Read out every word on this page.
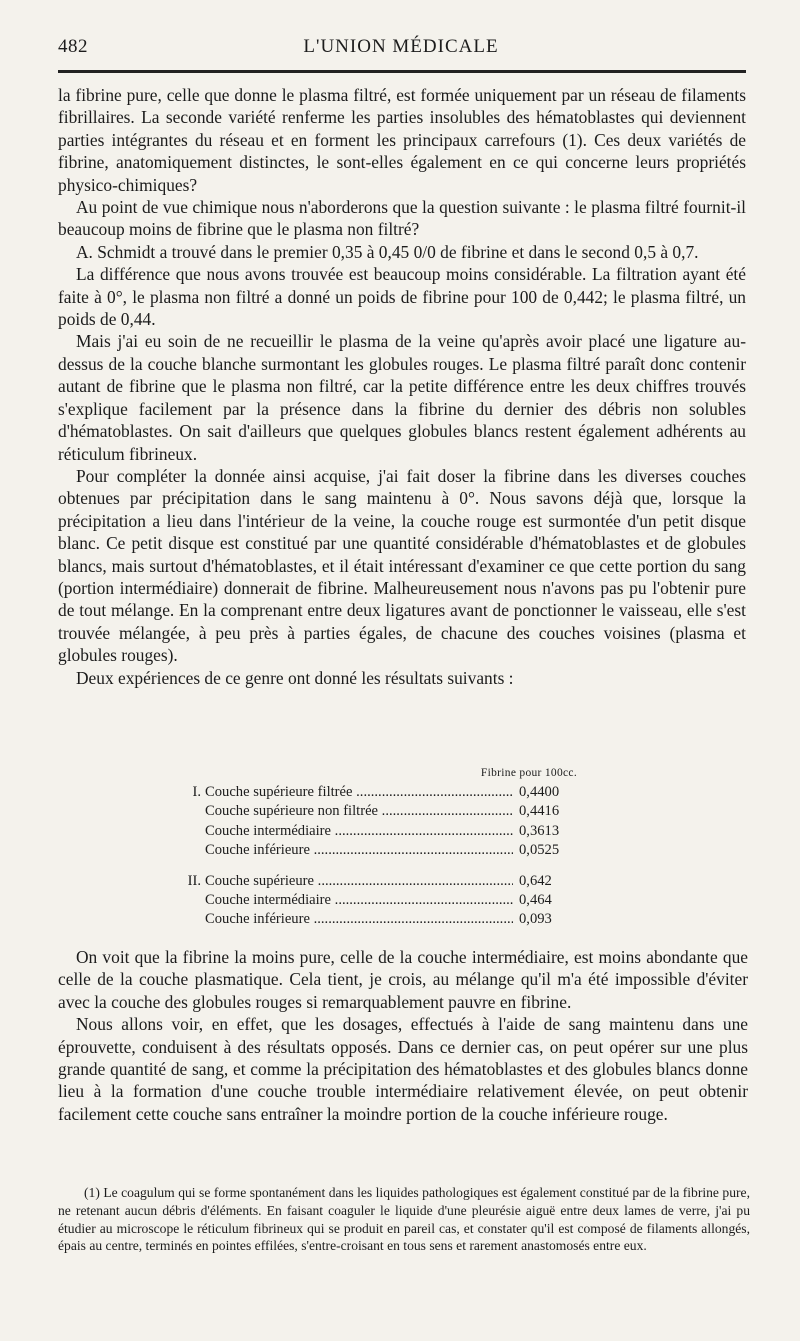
482	L'UNION MÉDICALE

la fibrine pure, celle que donne le plasma filtré, est formée uniquement par un réseau de filaments fibrillaires. La seconde variété renferme les parties insolubles des hématoblastes qui deviennent parties intégrantes du réseau et en forment les principaux carrefours (1). Ces deux variétés de fibrine, anatomiquement distinctes, le sont-elles également en ce qui concerne leurs propriétés physico-chimiques?

Au point de vue chimique nous n'aborderons que la question suivante : le plasma filtré fournit-il beaucoup moins de fibrine que le plasma non filtré?

A. Schmidt a trouvé dans le premier 0,35 à 0,45 0/0 de fibrine et dans le second 0,5 à 0,7.

La différence que nous avons trouvée est beaucoup moins considérable. La filtration ayant été faite à 0°, le plasma non filtré a donné un poids de fibrine pour 100 de 0,442; le plasma filtré, un poids de 0,44.

Mais j'ai eu soin de ne recueillir le plasma de la veine qu'après avoir placé une ligature au-dessus de la couche blanche surmontant les globules rouges. Le plasma filtré paraît donc contenir autant de fibrine que le plasma non filtré, car la petite différence entre les deux chiffres trouvés s'explique facilement par la présence dans la fibrine du dernier des débris non solubles d'hématoblastes. On sait d'ailleurs que quelques globules blancs restent également adhérents au réticulum fibrineux.

Pour compléter la donnée ainsi acquise, j'ai fait doser la fibrine dans les diverses couches obtenues par précipitation dans le sang maintenu à 0°. Nous savons déjà que, lorsque la précipitation a lieu dans l'intérieur de la veine, la couche rouge est surmontée d'un petit disque blanc. Ce petit disque est constitué par une quantité considérable d'hématoblastes et de globules blancs, mais surtout d'hématoblastes, et il était intéressant d'examiner ce que cette portion du sang (portion intermédiaire) donnerait de fibrine. Malheureusement nous n'avons pas pu l'obtenir pure de tout mélange. En la comprenant entre deux ligatures avant de ponctionner le vaisseau, elle s'est trouvée mélangée, à peu près à parties égales, de chacune des couches voisines (plasma et globules rouges).

Deux expériences de ce genre ont donné les résultats suivants :

Fibrine pour 100cc.
I. Couche supérieure filtrée .....	0,4400
Couche supérieure non filtrée .....	0,4416
Couche intermédiaire .....	0,3613
Couche inférieure .....	0,0525
II. Couche supérieure .....	0,642
Couche intermédiaire .....	0,464
Couche inférieure .....	0,093

On voit que la fibrine la moins pure, celle de la couche intermédiaire, est moins abondante que celle de la couche plasmatique. Cela tient, je crois, au mélange qu'il m'a été impossible d'éviter avec la couche des globules rouges si remarquablement pauvre en fibrine.

Nous allons voir, en effet, que les dosages, effectués à l'aide de sang maintenu dans une éprouvette, conduisent à des résultats opposés. Dans ce dernier cas, on peut opérer sur une plus grande quantité de sang, et comme la précipitation des hématoblastes et des globules blancs donne lieu à la formation d'une couche trouble intermédiaire relativement élevée, on peut obtenir facilement cette couche sans entraîner la moindre portion de la couche inférieure rouge.

(1) Le coagulum qui se forme spontanément dans les liquides pathologiques est également constitué par de la fibrine pure, ne retenant aucun débris d'éléments. En faisant coaguler le liquide d'une pleurésie aiguë entre deux lames de verre, j'ai pu étudier au microscope le réticulum fibrineux qui se produit en pareil cas, et constater qu'il est composé de filaments allongés, épais au centre, terminés en pointes effilées, s'entre-croisant en tous sens et rarement anastomosés entre eux.
